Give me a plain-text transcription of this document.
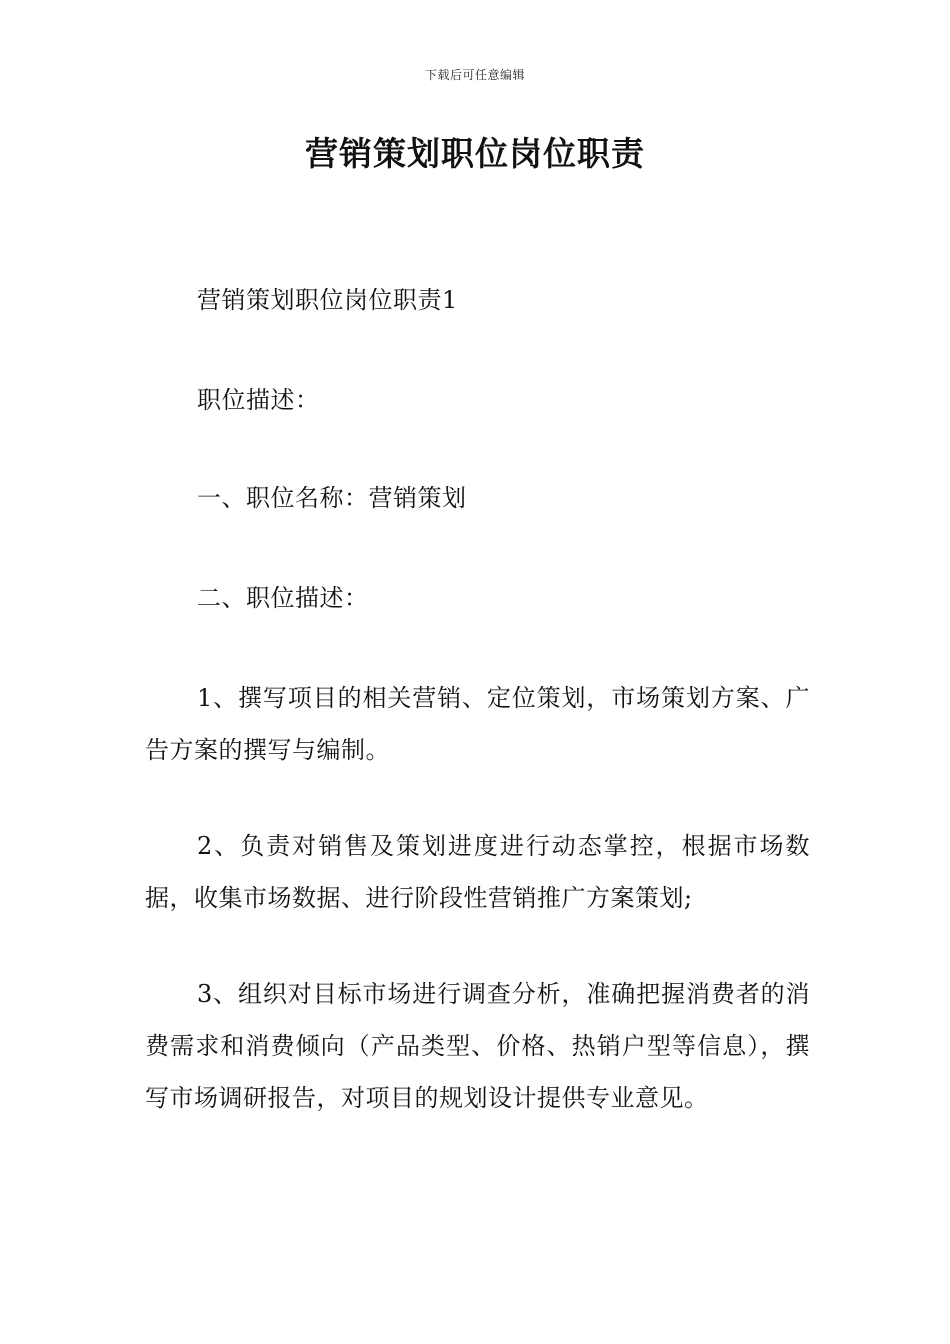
下载后可任意编辑
营销策划职位岗位职责

营销策划职位岗位职责1

职位描述：

一、职位名称：营销策划

二、职位描述：

1、撰写项目的相关营销、定位策划，市场策划方案、广告方案的撰写与编制。

2、负责对销售及策划进度进行动态掌控，根据市场数据，收集市场数据、进行阶段性营销推广方案策划;

3、组织对目标市场进行调查分析，准确把握消费者的消费需求和消费倾向（产品类型、价格、热销户型等信息），撰写市场调研报告，对项目的规划设计提供专业意见。
